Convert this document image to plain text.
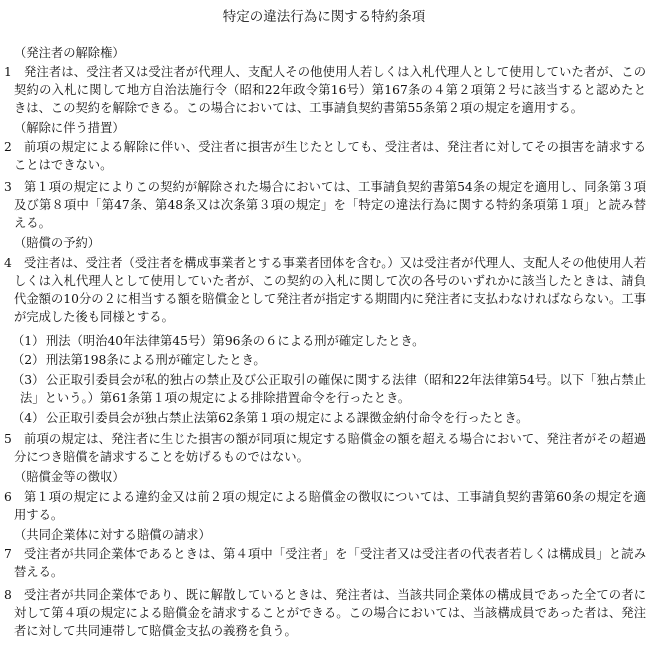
特定の違法行為に関する特約条項
（発注者の解除権）
1 発注者は、受注者又は受注者が代理人、支配人その他使用人若しくは入札代理人として使用していた者が、この契約の入札に関して地方自治法施行令（昭和22年政令第16号）第167条の４第２項第２号に該当すると認めたときは、この契約を解除できる。この場合においては、工事請負契約書第55条第２項の規定を適用する。
（解除に伴う措置）
2 前項の規定による解除に伴い、受注者に損害が生じたとしても、受注者は、発注者に対してその損害を請求することはできない。
3 第１項の規定によりこの契約が解除された場合においては、工事請負契約書第54条の規定を適用し、同条第３項及び第８項中「第47条、第48条又は次条第３項の規定」を「特定の違法行為に関する特約条項第１項」と読み替える。
（賠償の予約）
4 受注者は、受注者（受注者を構成事業者とする事業者団体を含む。）又は受注者が代理人、支配人その他使用人若しくは入札代理人として使用していた者が、この契約の入札に関して次の各号のいずれかに該当したときは、請負代金額の10分の２に相当する額を賠償金として発注者が指定する期間内に発注者に支払わなければならない。工事が完成した後も同様とする。
（1） 刑法（明治40年法律第45号）第96条の６による刑が確定したとき。
（2） 刑法第198条による刑が確定したとき。
（3） 公正取引委員会が私的独占の禁止及び公正取引の確保に関する法律（昭和22年法律第54号。以下「独占禁止法」という。）第61条第１項の規定による排除措置命令を行ったとき。
（4） 公正取引委員会が独占禁止法第62条第１項の規定による課徴金納付命令を行ったとき。
5 前項の規定は、発注者に生じた損害の額が同項に規定する賠償金の額を超える場合において、発注者がその超過分につき賠償を請求することを妨げるものではない。
（賠償金等の徴収）
6 第１項の規定による違約金又は前２項の規定による賠償金の徴収については、工事請負契約書第60条の規定を適用する。
（共同企業体に対する賠償の請求）
7 受注者が共同企業体であるときは、第４項中「受注者」を「受注者又は受注者の代表者若しくは構成員」と読み替える。
8 受注者が共同企業体であり、既に解散しているときは、発注者は、当該共同企業体の構成員であった全ての者に対して第４項の規定による賠償金を請求することができる。この場合においては、当該構成員であった者は、発注者に対して共同連帯して賠償金支払の義務を負う。
